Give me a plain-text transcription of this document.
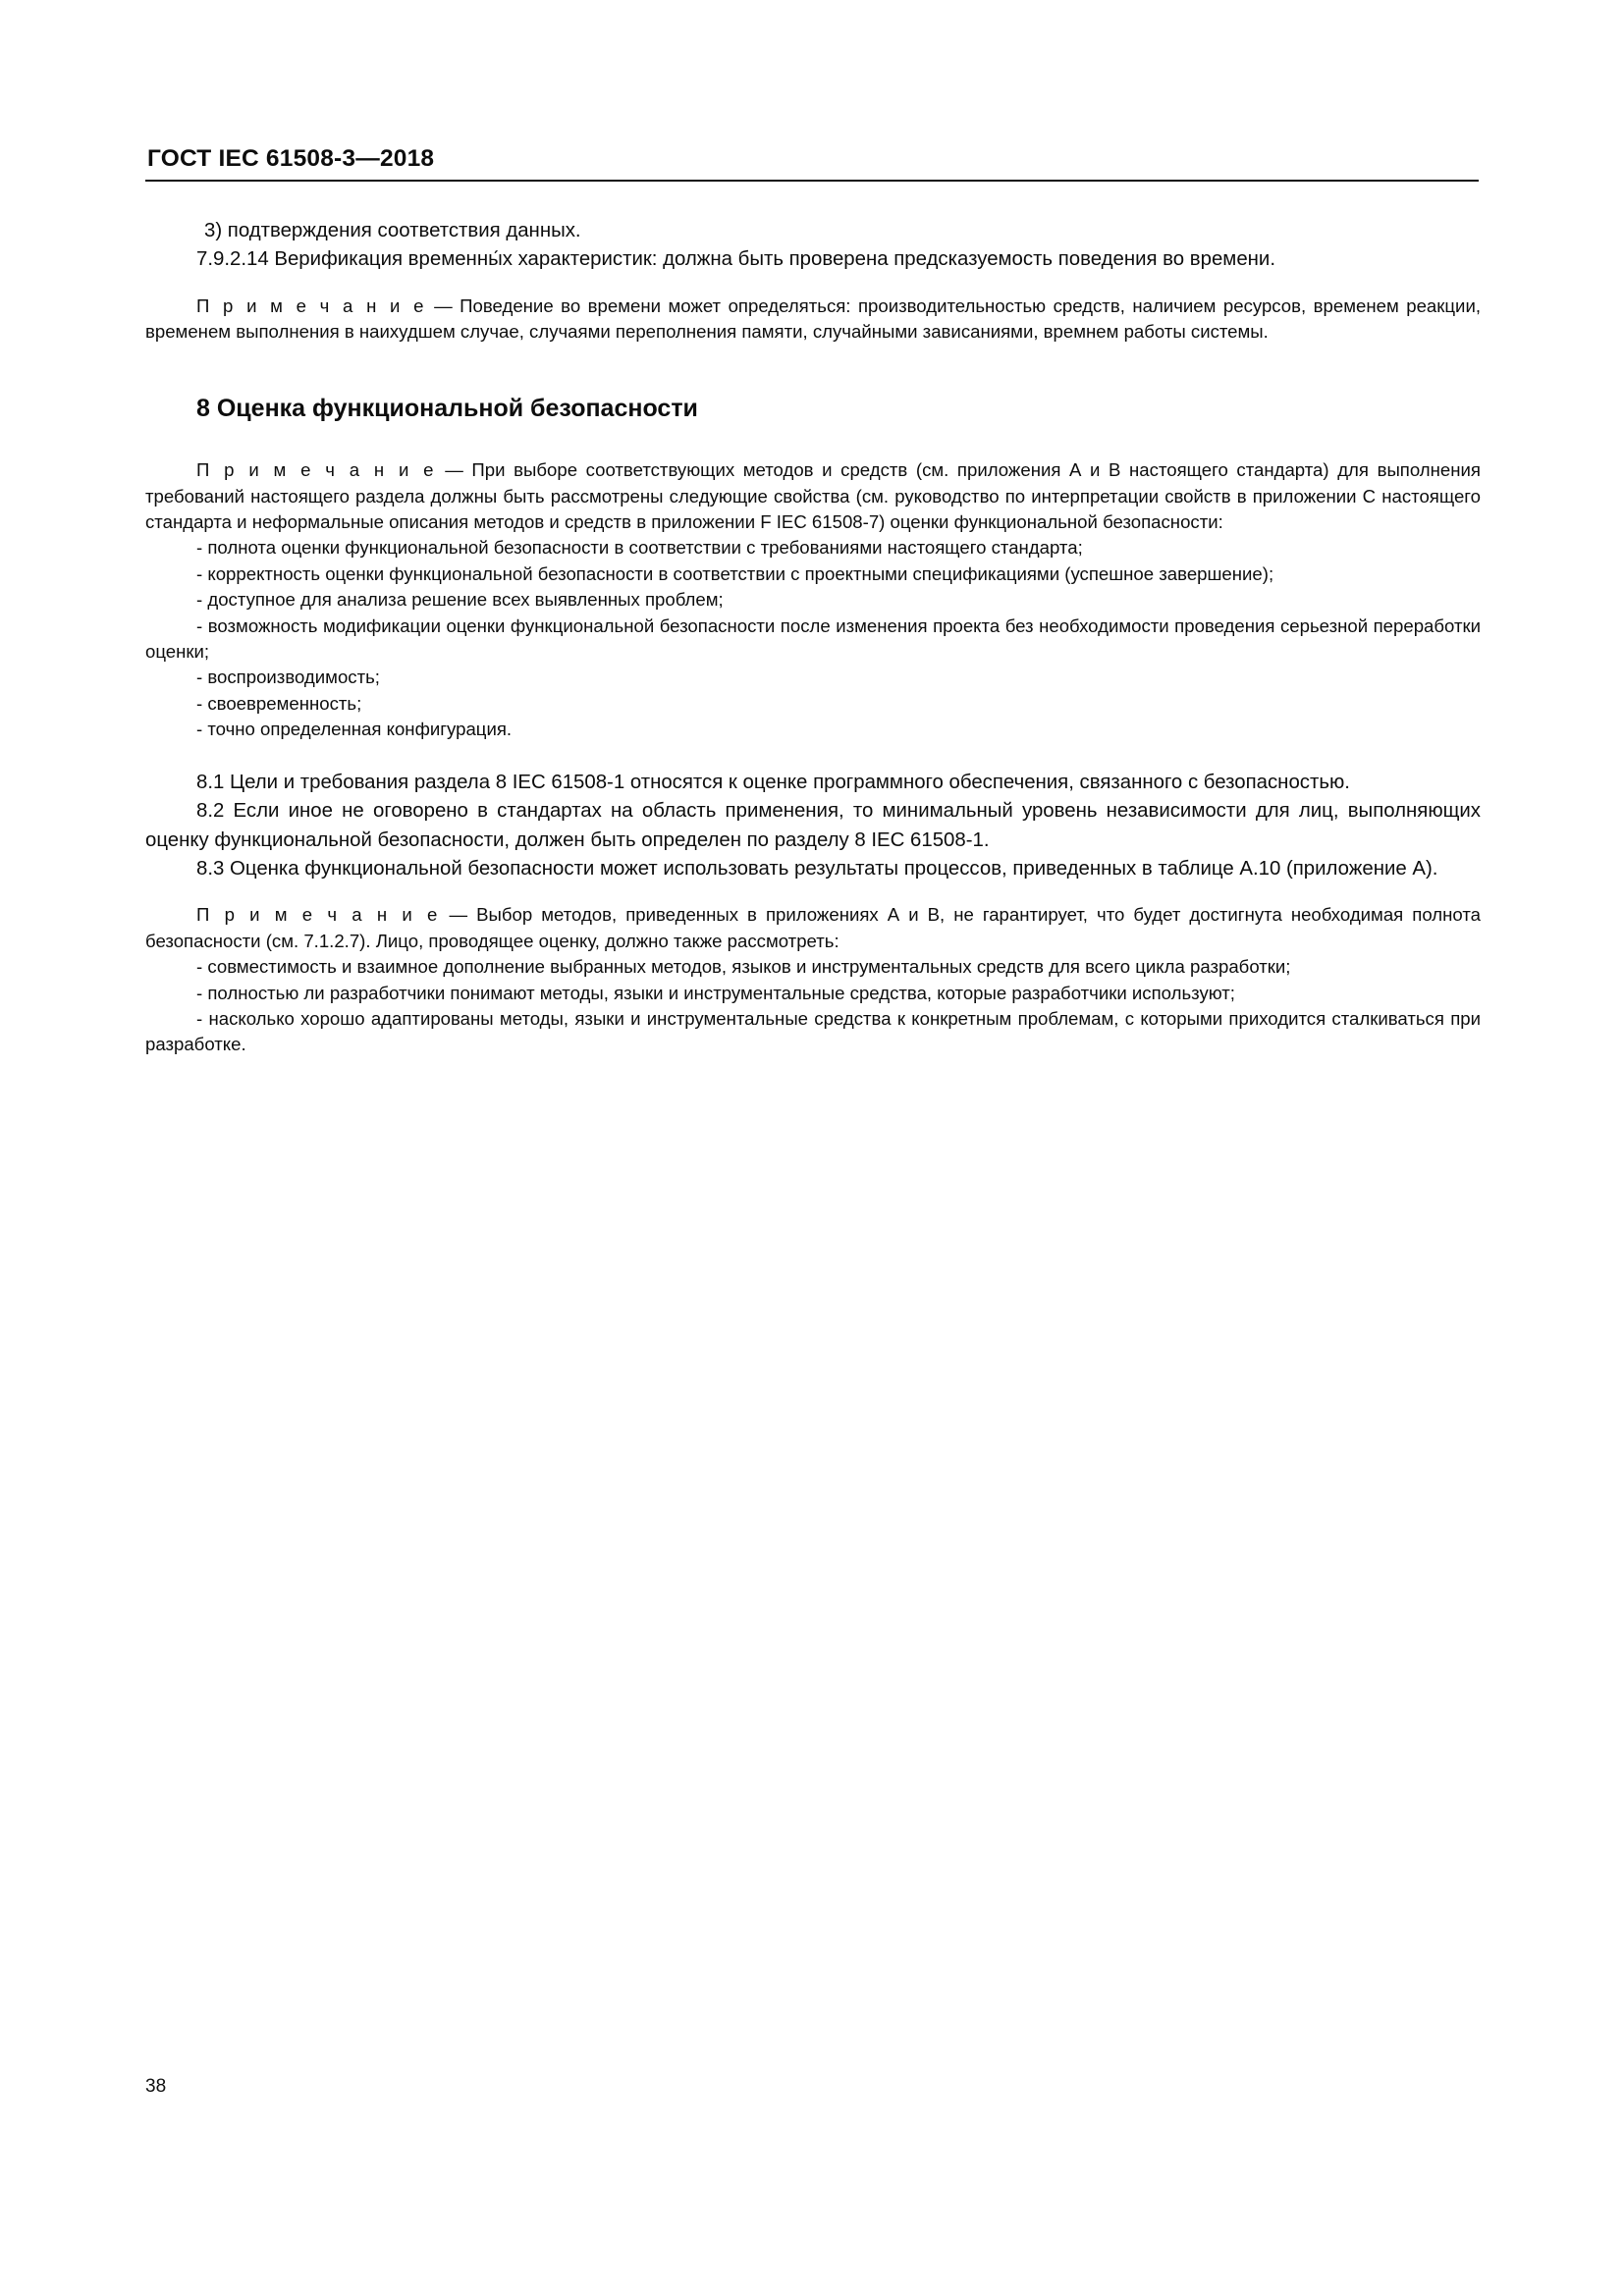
ГОСТ IEC 61508-3—2018

3) подтверждения соответствия данных.

7.9.2.14 Верификация временны́х характеристик: должна быть проверена предсказуемость поведения во времени.

П р и м е ч а н и е — Поведение во времени может определяться: производительностью средств, наличием ресурсов, временем реакции, временем выполнения в наихудшем случае, случаями переполнения памяти, случайными зависаниями, времнем работы системы.

8 Оценка функциональной безопасности

П р и м е ч а н и е — При выборе соответствующих методов и средств (см. приложения А и В настоящего стандарта) для выполнения требований настоящего раздела должны быть рассмотрены следующие свойства (см. руководство по интерпретации свойств в приложении С настоящего стандарта и неформальные описания методов и средств в приложении F IEC 61508-7) оценки функциональной безопасности:

- полнота оценки функциональной безопасности в соответствии с требованиями настоящего стандарта;

- корректность оценки функциональной безопасности в соответствии с проектными спецификациями (успешное завершение);

- доступное для анализа решение всех выявленных проблем;

- возможность модификации оценки функциональной безопасности после изменения проекта без необходимости проведения серьезной переработки оценки;

- воспроизводимость;

- своевременность;

- точно определенная конфигурация.

8.1 Цели и требования раздела 8 IEC 61508-1 относятся к оценке программного обеспечения, связанного с безопасностью.

8.2 Если иное не оговорено в стандартах на область применения, то минимальный уровень независимости для лиц, выполняющих оценку функциональной безопасности, должен быть определен по разделу 8 IEC 61508-1.

8.3 Оценка функциональной безопасности может использовать результаты процессов, приведенных в таблице А.10 (приложение А).

П р и м е ч а н и е — Выбор методов, приведенных в приложениях А и В, не гарантирует, что будет достигнута необходимая полнота безопасности (см. 7.1.2.7). Лицо, проводящее оценку, должно также рассмотреть:

- совместимость и взаимное дополнение выбранных методов, языков и инструментальных средств для всего цикла разработки;

- полностью ли разработчики понимают методы, языки и инструментальные средства, которые разработчики используют;

- насколько хорошо адаптированы методы, языки и инструментальные средства к конкретным проблемам, с которыми приходится сталкиваться при разработке.

38
